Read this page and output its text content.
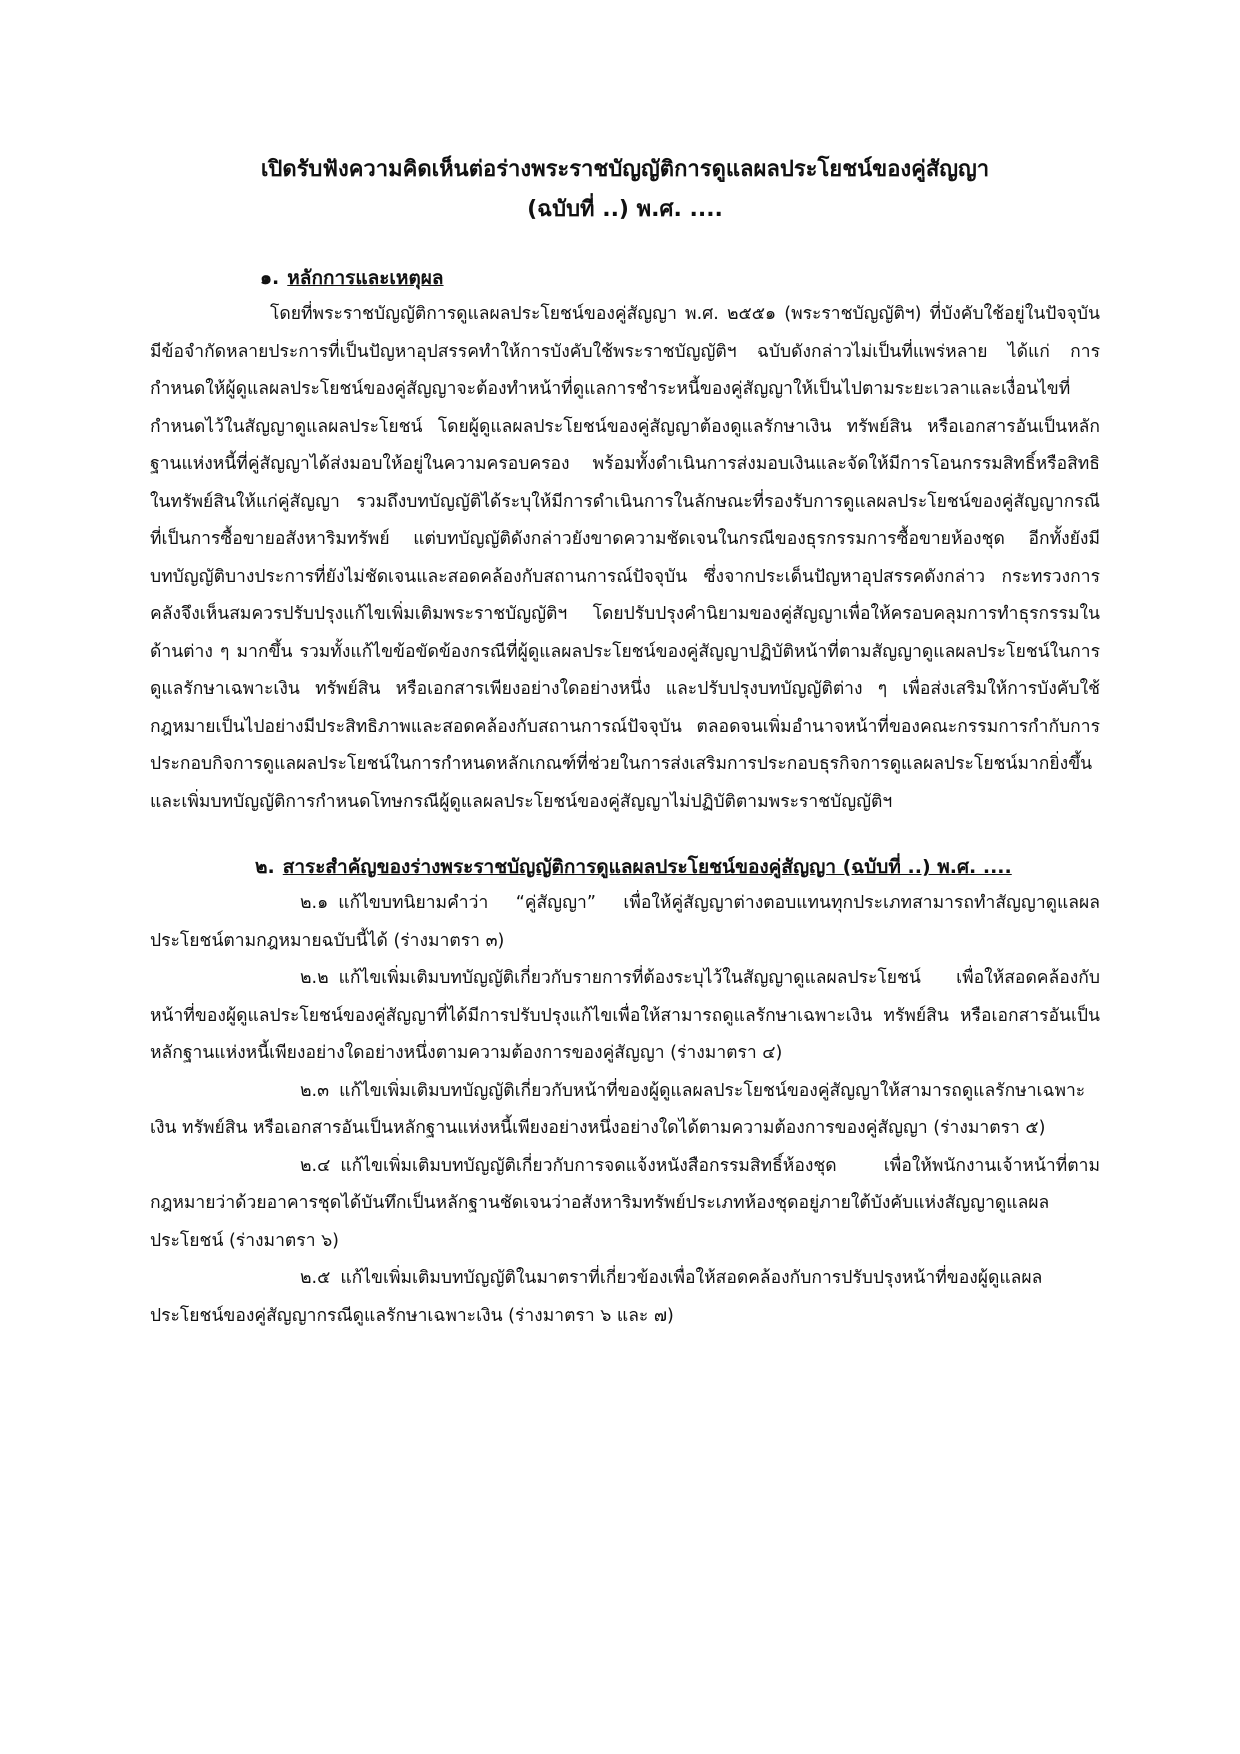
เปิดรับฟังความคิดเห็นต่อร่างพระราชบัญญัติการดูแลผลประโยชน์ของคู่สัญญา
(ฉบับที่ ..) พ.ศ. ....
๑. หลักการและเหตุผล

โดยที่พระราชบัญญัติการดูแลผลประโยชน์ของคู่สัญญา พ.ศ. ๒๕๕๑ (พระราชบัญญัติฯ) ที่บังคับใช้อยู่ในปัจจุบันมีข้อจำกัดหลายประการที่เป็นปัญหาอุปสรรคทำให้การบังคับใช้พระราชบัญญัติฯ ฉบับดังกล่าวไม่เป็นที่แพร่หลาย ได้แก่ การกำหนดให้ผู้ดูแลผลประโยชน์ของคู่สัญญาจะต้องทำหน้าที่ดูแลการชำระหนี้ของคู่สัญญาให้เป็นไปตามระยะเวลาและเงื่อนไขที่กำหนดไว้ในสัญญาดูแลผลประโยชน์ โดยผู้ดูแลผลประโยชน์ของคู่สัญญาต้องดูแลรักษาเงิน ทรัพย์สิน หรือเอกสารอันเป็นหลักฐานแห่งหนี้ที่คู่สัญญาได้ส่งมอบให้อยู่ในความครอบครอง พร้อมทั้งดำเนินการส่งมอบเงินและจัดให้มีการโอนกรรมสิทธิ์หรือสิทธิในทรัพย์สินให้แก่คู่สัญญา รวมถึงบทบัญญัติได้ระบุให้มีการดำเนินการในลักษณะที่รองรับการดูแลผลประโยชน์ของคู่สัญญากรณีที่เป็นการซื้อขายอสังหาริมทรัพย์ แต่บทบัญญัติดังกล่าวยังขาดความชัดเจนในกรณีของธุรกรรมการซื้อขายห้องชุด อีกทั้งยังมีบทบัญญัติบางประการที่ยังไม่ชัดเจนและสอดคล้องกับสถานการณ์ปัจจุบัน ซึ่งจากประเด็นปัญหาอุปสรรคดังกล่าว กระทรวงการคลังจึงเห็นสมควรปรับปรุงแก้ไขเพิ่มเติมพระราชบัญญัติฯ โดยปรับปรุงคำนิยามของคู่สัญญาเพื่อให้ครอบคลุมการทำธุรกรรมในด้านต่าง ๆ มากขึ้น รวมทั้งแก้ไขข้อขัดข้องกรณีที่ผู้ดูแลผลประโยชน์ของคู่สัญญาปฏิบัติหน้าที่ตามสัญญาดูแลผลประโยชน์ในการดูแลรักษาเฉพาะเงิน ทรัพย์สิน หรือเอกสารเพียงอย่างใดอย่างหนึ่ง และปรับปรุงบทบัญญัติต่าง ๆ เพื่อส่งเสริมให้การบังคับใช้กฎหมายเป็นไปอย่างมีประสิทธิภาพและสอดคล้องกับสถานการณ์ปัจจุบัน ตลอดจนเพิ่มอำนาจหน้าที่ของคณะกรรมการกำกับการประกอบกิจการดูแลผลประโยชน์ในการกำหนดหลักเกณฑ์ที่ช่วยในการส่งเสริมการประกอบธุรกิจการดูแลผลประโยชน์มากยิ่งขึ้น และเพิ่มบทบัญญัติการกำหนดโทษกรณีผู้ดูแลผลประโยชน์ของคู่สัญญาไม่ปฏิบัติตามพระราชบัญญัติฯ

๒. สาระสำคัญของร่างพระราชบัญญัติการดูแลผลประโยชน์ของคู่สัญญา (ฉบับที่ ..) พ.ศ. ....

๒.๑ แก้ไขบทนิยามคำว่า “คู่สัญญา” เพื่อให้คู่สัญญาต่างตอบแทนทุกประเภทสามารถทำสัญญาดูแลผลประโยชน์ตามกฎหมายฉบับนี้ได้ (ร่างมาตรา ๓)

๒.๒ แก้ไขเพิ่มเติมบทบัญญัติเกี่ยวกับรายการที่ต้องระบุไว้ในสัญญาดูแลผลประโยชน์ เพื่อให้สอดคล้องกับหน้าที่ของผู้ดูแลประโยชน์ของคู่สัญญาที่ได้มีการปรับปรุงแก้ไขเพื่อให้สามารถดูแลรักษาเฉพาะเงิน ทรัพย์สิน หรือเอกสารอันเป็นหลักฐานแห่งหนี้เพียงอย่างใดอย่างหนึ่งตามความต้องการของคู่สัญญา (ร่างมาตรา ๔)

๒.๓ แก้ไขเพิ่มเติมบทบัญญัติเกี่ยวกับหน้าที่ของผู้ดูแลผลประโยชน์ของคู่สัญญาให้สามารถดูแลรักษาเฉพาะเงิน ทรัพย์สิน หรือเอกสารอันเป็นหลักฐานแห่งหนี้เพียงอย่างหนึ่งอย่างใดได้ตามความต้องการของคู่สัญญา (ร่างมาตรา ๕)

๒.๔ แก้ไขเพิ่มเติมบทบัญญัติเกี่ยวกับการจดแจ้งหนังสือกรรมสิทธิ์ห้องชุด เพื่อให้พนักงานเจ้าหน้าที่ตามกฎหมายว่าด้วยอาคารชุดได้บันทึกเป็นหลักฐานชัดเจนว่าอสังหาริมทรัพย์ประเภทห้องชุดอยู่ภายใต้บังคับแห่งสัญญาดูแลผลประโยชน์ (ร่างมาตรา ๖)

๒.๕ แก้ไขเพิ่มเติมบทบัญญัติในมาตราที่เกี่ยวข้องเพื่อให้สอดคล้องกับการปรับปรุงหน้าที่ของผู้ดูแลผลประโยชน์ของคู่สัญญากรณีดูแลรักษาเฉพาะเงิน (ร่างมาตรา ๖ และ ๗)
